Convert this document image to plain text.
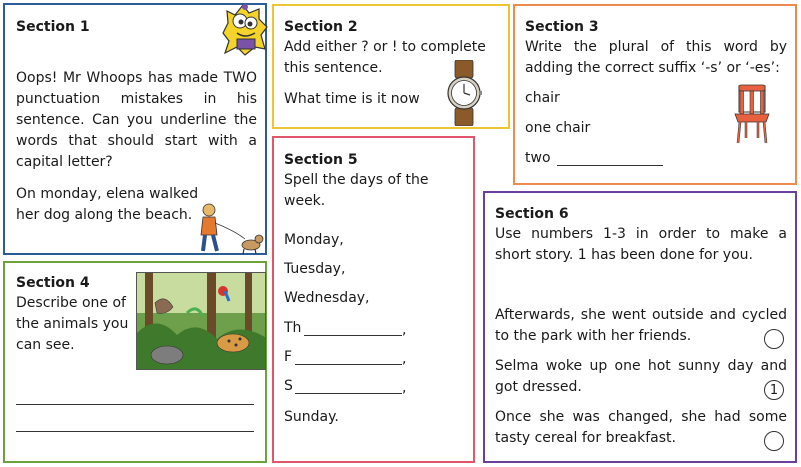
Section 1
Oops! Mr Whoops has made TWO punctuation mistakes in his sentence. Can you underline the words that should start with a capital letter?
On monday, elena walked
her dog along the beach.
Section 2
Add either ? or ! to complete this sentence.
What time is it now
Section 3
Write the plural of this word by adding the correct suffix ‘-s’ or ‘-es’:
chair
one chair
two
Section 4
Describe one of the animals you can see.
Section 5
Spell the days of the week.
Monday,
Tuesday,
Wednesday,
Th	,
F	,
S	,
Sunday.
Section 6
Use numbers 1-3 in order to make a short story. 1 has been done for you.
Afterwards, she went outside and cycled to the park with her friends.
Selma woke up one hot sunny day and got dressed.	1
Once she was changed, she had some tasty cereal for breakfast.
